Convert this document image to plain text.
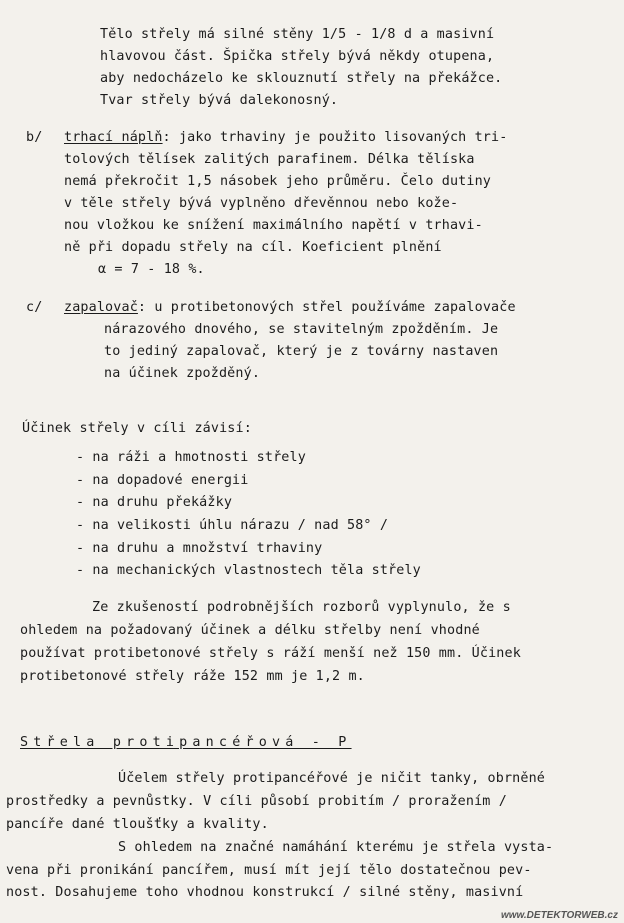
Tělo střely má silné stěny 1/5 - 1/8 d a masivní
hlavovou část. Špička střely bývá někdy otupena,
aby nedocházelo ke sklouznutí střely na překážce.
Tvar střely bývá dalekonosný.
b/ trhací náplň: jako trhaviny je použito lisovaných tri-
tolových tělísek zalitých parafinem. Délka tělíska
nemá překročit 1,5 násobek jeho průměru. Čelo dutiny
v těle střely bývá vyplněno dřevěnnou nebo kože-
nou vložkou ke snížení maximálního napětí v trhavi-
ně při dopadu střely na cíl. Koeficient plnění
α = 7 - 18 %.
c/ zapalovač: u protibetonových střel používáme zapalovače
nárazového dnového, se stavitelným zpožděním. Je
to jediný zapalovač, který je z továrny nastaven
na účinek zpožděný.
Účinek střely v cíli závisí:
- na ráži a hmotnosti střely
- na dopadové energii
- na druhu překážky
- na velikosti úhlu nárazu / nad 58° /
- na druhu a množství trhaviny
- na mechanických vlastnostech těla střely
Ze zkušeností podrobnějších rozborů vyplynulo, že s
ohledem na požadovaný účinek a délku střelby není vhodné
používat protibetonové střely s ráží menší než 150 mm. Účinek
protibetonové střely ráže 152 mm je 1,2 m.
Střela protipancéřová - P
Účelem střely protipancéřové je ničit tanky, obrněné
prostředky a pevnůstky. V cíli působí probitím / proražením /
pancíře dané tloušťky a kvality.
S ohledem na značné namáhání kterému je střela vysta-
vena při pronikání pancířem, musí mít její tělo dostatečnou pev-
nost. Dosahujeme toho vhodnou konstrukcí / silné stěny, masivní
www.DETEKTORWEB.cz
